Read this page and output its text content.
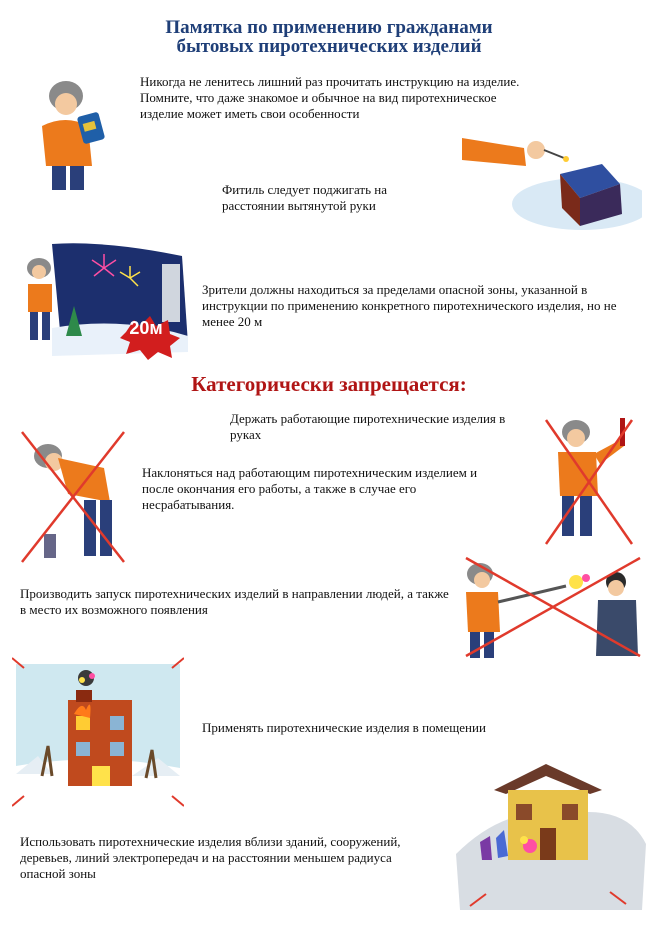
Памятка по применению гражданами
бытовых пиротехнических изделий

Никогда не ленитесь лишний раз прочитать инструкцию на изделие. Помните, что даже знакомое и обычное на вид пиротехническое изделие может иметь свои особенности

Фитиль следует поджигать на расстоянии вытянутой руки

20м

Зрители должны находиться за пределами опасной зоны, указанной в инструкции по применению конкретного пиротехнического изделия, но не менее 20 м

Категорически запрещается:

Держать работающие пиротехнические изделия в руках

Наклоняться над работающим пиротехническим изделием и после окончания его работы, а также в случае его несрабатывания.

Производить запуск пиротехнических изделий в направлении людей, а также в место их возможного появления

Применять пиротехнические изделия в помещении

Использовать пиротехнические изделия вблизи зданий, сооружений, деревьев, линий электропередач и на расстоянии меньшем радиуса опасной зоны
